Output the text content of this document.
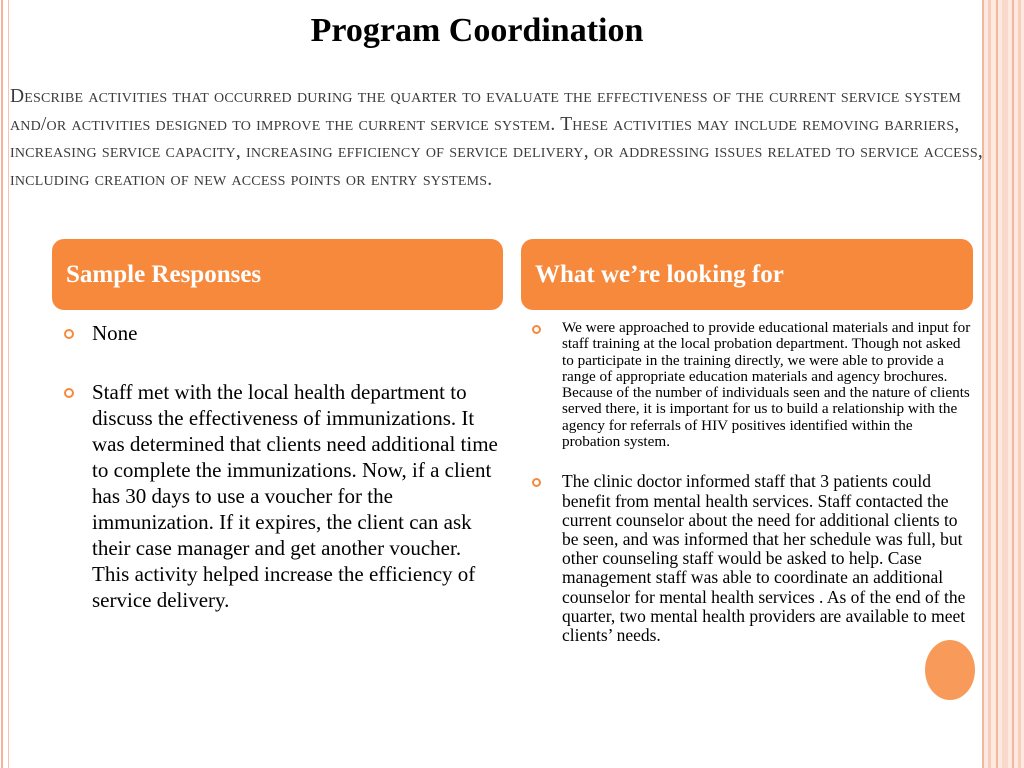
Program Coordination

Describe activities that occurred during the quarter to evaluate the effectiveness of the current service system and/or activities designed to improve the current service system. These activities may include removing barriers, increasing service capacity, increasing efficiency of service delivery, or addressing issues related to service access, including creation of new access points or entry systems.

Sample Responses	What we’re looking for
None
Staff met with the local health department to discuss the effectiveness of immunizations. It was determined that clients need additional time to complete the immunizations. Now, if a client has 30 days to use a voucher for the immunization. If it expires, the client can ask their case manager and get another voucher. This activity helped increase the efficiency of service delivery.
We were approached to provide educational materials and input for staff training at the local probation department. Though not asked to participate in the training directly, we were able to provide a range of appropriate education materials and agency brochures. Because of the number of individuals seen and the nature of clients served there, it is important for us to build a relationship with the agency for referrals of HIV positives identified within the probation system.
The clinic doctor informed staff that 3 patients could benefit from mental health services. Staff contacted the current counselor about the need for additional clients to be seen, and was informed that her schedule was full, but other counseling staff would be asked to help. Case management staff was able to coordinate an additional counselor for mental health services . As of the end of the quarter, two mental health providers are available to meet clients’ needs.
